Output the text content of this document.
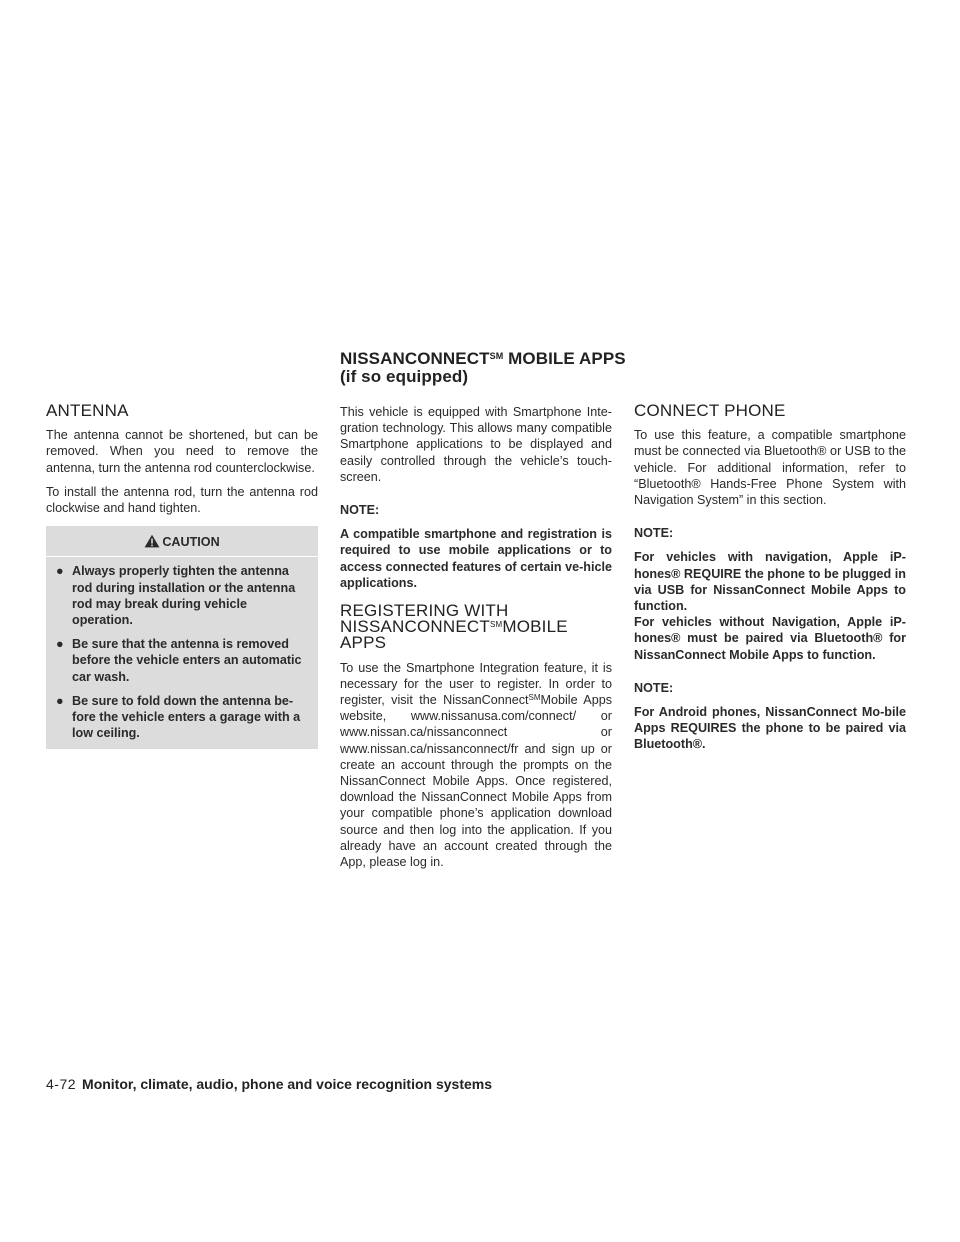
NISSANCONNECT℠ MOBILE APPS
(if so equipped)
ANTENNA

The antenna cannot be shortened, but can be removed. When you need to remove the antenna, turn the antenna rod counterclockwise.

To install the antenna rod, turn the antenna rod clockwise and hand tighten.

CAUTION
● Always properly tighten the antenna rod during installation or the antenna rod may break during vehicle operation.
● Be sure that the antenna is removed before the vehicle enters an automatic car wash.
● Be sure to fold down the antenna be-fore the vehicle enters a garage with a low ceiling.

This vehicle is equipped with Smartphone Inte-gration technology. This allows many compatible Smartphone applications to be displayed and easily controlled through the vehicle’s touch-screen.

NOTE:

A compatible smartphone and registration is required to use mobile applications or to access connected features of certain ve-hicle applications.

REGISTERING WITH
NISSANCONNECT℠MOBILE APPS

To use the Smartphone Integration feature, it is necessary for the user to register. In order to register, visit the NissanConnect℠Mobile Apps website, www.nissanusa.com/connect/ or www.nissan.ca/nissanconnect or www.nissan.ca/nissanconnect/fr and sign up or create an account through the prompts on the NissanConnect Mobile Apps. Once registered, download the NissanConnect Mobile Apps from your compatible phone’s application download source and then log into the application. If you already have an account created through the App, please log in.

CONNECT PHONE

To use this feature, a compatible smartphone must be connected via Bluetooth® or USB to the vehicle. For additional information, refer to “Bluetooth® Hands-Free Phone System with Navigation System” in this section.

NOTE:

For vehicles with navigation, Apple iP-hones® REQUIRE the phone to be plugged in via USB for NissanConnect Mobile Apps to function.

For vehicles without Navigation, Apple iP-hones® must be paired via Bluetooth® for NissanConnect Mobile Apps to function.

NOTE:

For Android phones, NissanConnect Mo-bile Apps REQUIRES the phone to be paired via Bluetooth®.

4-72 Monitor, climate, audio, phone and voice recognition systems
